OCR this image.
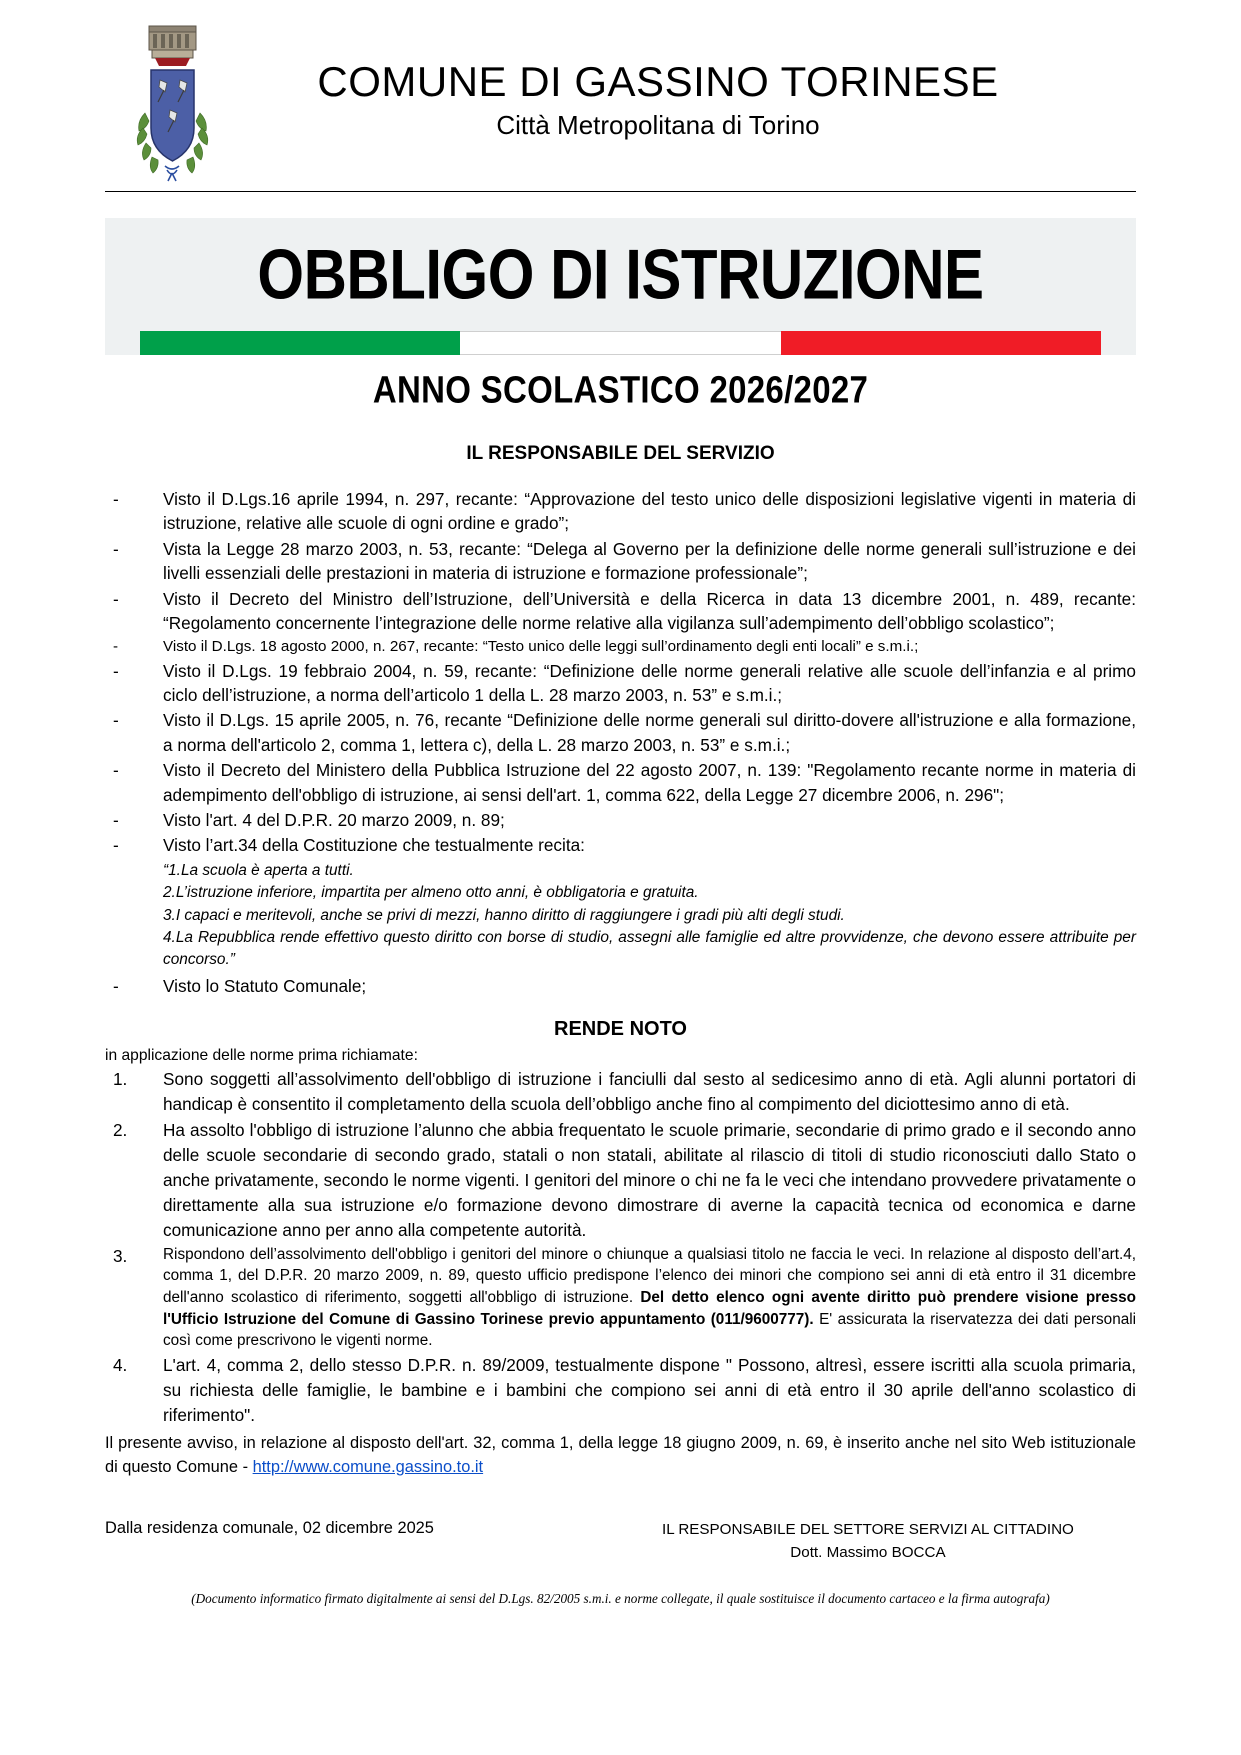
COMUNE DI GASSINO TORINESE
Città Metropolitana di Torino
OBBLIGO DI ISTRUZIONE
ANNO SCOLASTICO 2026/2027
IL RESPONSABILE DEL SERVIZIO
- Visto il D.Lgs.16 aprile 1994, n. 297, recante: “Approvazione del testo unico delle disposizioni legislative vigenti in materia di istruzione, relative alle scuole di ogni ordine e grado”;
- Vista la Legge 28 marzo 2003, n. 53, recante: “Delega al Governo per la definizione delle norme generali sull’istruzione e dei livelli essenziali delle prestazioni in materia di istruzione e formazione professionale”;
- Visto il Decreto del Ministro dell’Istruzione, dell’Università e della Ricerca in data 13 dicembre 2001, n. 489, recante: “Regolamento concernente l’integrazione delle norme relative alla vigilanza sull’adempimento dell’obbligo scolastico”;
- Visto il D.Lgs. 18 agosto 2000, n. 267, recante: “Testo unico delle leggi sull’ordinamento degli enti locali” e s.m.i.;
- Visto il D.Lgs. 19 febbraio 2004, n. 59, recante: “Definizione delle norme generali relative alle scuole dell’infanzia e al primo ciclo dell’istruzione, a norma dell’articolo 1 della L. 28 marzo 2003, n. 53” e s.m.i.;
- Visto il D.Lgs. 15 aprile 2005, n. 76, recante “Definizione delle norme generali sul diritto-dovere all'istruzione e alla formazione, a norma dell'articolo 2, comma 1, lettera c), della L. 28 marzo 2003, n. 53” e s.m.i.;
- Visto il Decreto del Ministero della Pubblica Istruzione del 22 agosto 2007, n. 139: "Regolamento recante norme in materia di adempimento dell'obbligo di istruzione, ai sensi dell'art. 1, comma 622, della Legge 27 dicembre 2006, n. 296";
- Visto l'art. 4 del D.P.R. 20 marzo 2009, n. 89;
- Visto l’art.34 della Costituzione che testualmente recita:

“1.La scuola è aperta a tutti.

2.L’istruzione inferiore, impartita per almeno otto anni, è obbligatoria e gratuita.

3.I capaci e meritevoli, anche se privi di mezzi, hanno diritto di raggiungere i gradi più alti degli studi.

4.La Repubblica rende effettivo questo diritto con borse di studio, assegni alle famiglie ed altre provvidenze, che devono essere attribuite per concorso.”

- Visto lo Statuto Comunale;
RENDE NOTO
in applicazione delle norme prima richiamate:
1. Sono soggetti all’assolvimento dell'obbligo di istruzione i fanciulli dal sesto al sedicesimo anno di età. Agli alunni portatori di handicap è consentito il completamento della scuola dell’obbligo anche fino al compimento del diciottesimo anno di età.
2. Ha assolto l'obbligo di istruzione l’alunno che abbia frequentato le scuole primarie, secondarie di primo grado e il secondo anno delle scuole secondarie di secondo grado, statali o non statali, abilitate al rilascio di titoli di studio riconosciuti dallo Stato o anche privatamente, secondo le norme vigenti. I genitori del minore o chi ne fa le veci che intendano provvedere privatamente o direttamente alla sua istruzione e/o formazione devono dimostrare di averne la capacità tecnica od economica e darne comunicazione anno per anno alla competente autorità.
3. Rispondono dell’assolvimento dell'obbligo i genitori del minore o chiunque a qualsiasi titolo ne faccia le veci. In relazione al disposto dell’art.4, comma 1, del D.P.R. 20 marzo 2009, n. 89, questo ufficio predispone l’elenco dei minori che compiono sei anni di età entro il 31 dicembre dell'anno scolastico di riferimento, soggetti all'obbligo di istruzione. Del detto elenco ogni avente diritto può prendere visione presso l'Ufficio Istruzione del Comune di Gassino Torinese previo appuntamento (011/9600777). E' assicurata la riservatezza dei dati personali così come prescrivono le vigenti norme.
4. L'art. 4, comma 2, dello stesso D.P.R. n. 89/2009, testualmente dispone " Possono, altresì, essere iscritti alla scuola primaria, su richiesta delle famiglie, le bambine e i bambini che compiono sei anni di età entro il 30 aprile dell'anno scolastico di riferimento".
Il presente avviso, in relazione al disposto dell'art. 32, comma 1, della legge 18 giugno 2009, n. 69, è inserito anche nel sito Web istituzionale di questo Comune - http://www.comune.gassino.to.it
Dalla residenza comunale, 02 dicembre 2025	IL RESPONSABILE DEL SETTORE SERVIZI AL CITTADINO
Dott. Massimo BOCCA
(Documento informatico firmato digitalmente ai sensi del D.Lgs. 82/2005 s.m.i. e norme collegate, il quale sostituisce il documento cartaceo e la firma autografa)
